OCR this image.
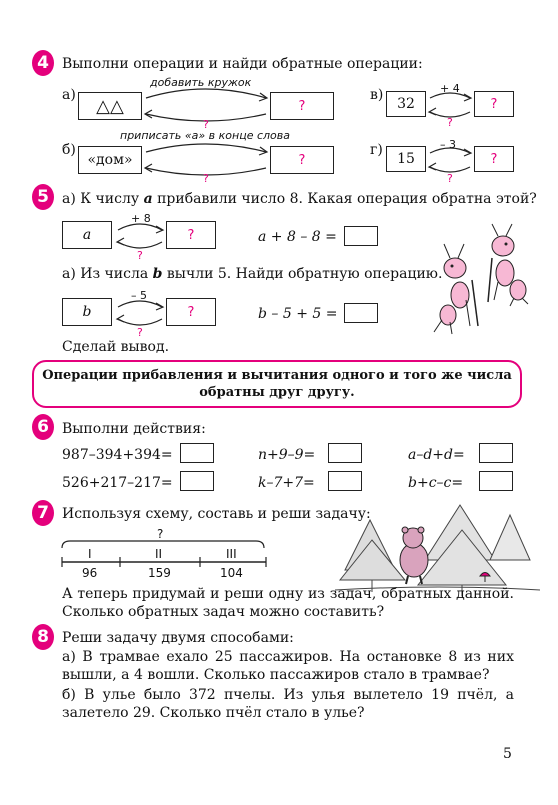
4 Выполни операции и найди обратные операции:
а)
△△
добавить кружок
?
?
б)
«дом»
приписать «а» в конце слова
?
?
в)
32
+ 4
?
?
г)
15
– 3
?
?
5 а) К числу a прибавили число 8. Какая операция обратна этой?
a
+ 8
?
?	a + 8 – 8 =
а) Из числа b вычли 5. Найди обратную операцию.
b
– 5
?
?	b – 5 + 5 =
Сделай вывод.
Операции прибавления и вычитания одного и того же числа
обратны друг другу.
6 Выполни действия:
987–394+394=	n+9–9=	a–d+d=
526+217–217=	k–7+7=	b+c–c=
7 Используя схему, составь и реши задачу:
?
I	II	III
96	159	104
А теперь придумай и реши одну из задач, обратных данной. Сколько обратных задач можно составить?
8 Реши задачу двумя способами:
а) В трамвае ехало 25 пассажиров. На остановке 8 из них вышли, а 4 вошли. Сколько пассажиров стало в трамвае?
б) В улье было 372 пчелы. Из улья вылетело 19 пчёл, а залетело 29. Сколько пчёл стало в улье?
5
